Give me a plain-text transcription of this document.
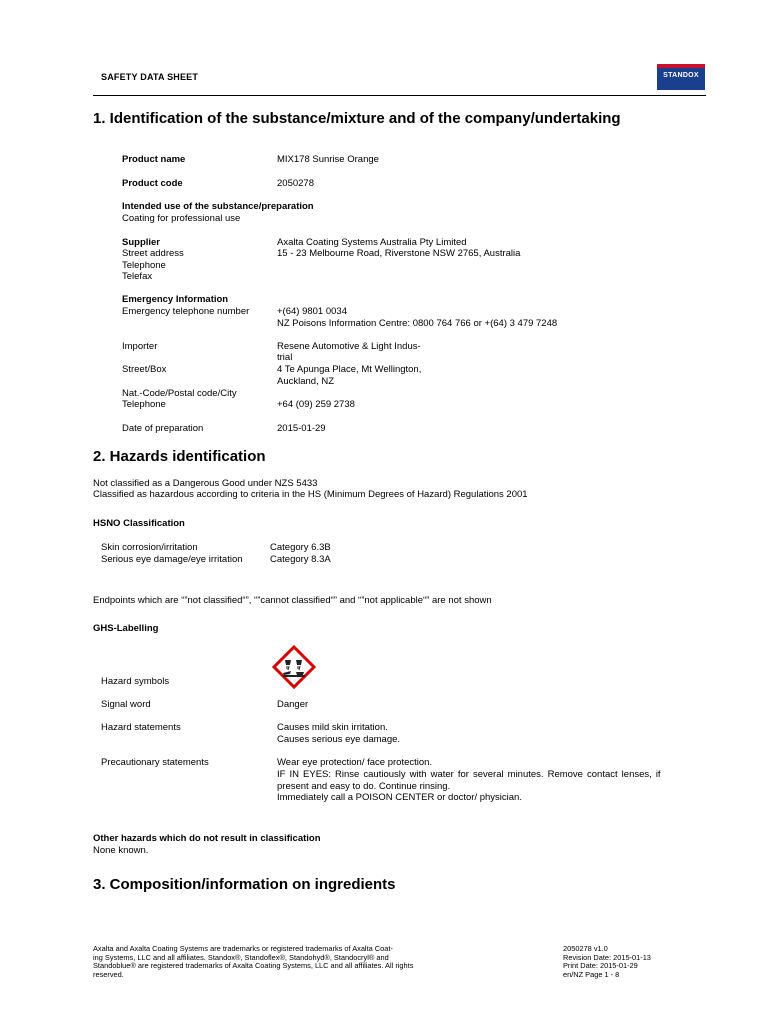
SAFETY DATA SHEET	STANDOX
1. Identification of the substance/mixture and of the company/undertaking
Product name	MIX178 Sunrise Orange
Product code	2050278
Intended use of the substance/preparation
Coating for professional use
Supplier	Axalta Coating Systems Australia Pty Limited
Street address	15 - 23 Melbourne Road, Riverstone NSW 2765, Australia
Telephone
Telefax
Emergency Information
Emergency telephone number	+(64) 9801 0034
NZ Poisons Information Centre: 0800 764 766 or +(64) 3 479 7248
Importer	Resene Automotive & Light Indus-
trial
Street/Box	4 Te Apunga Place, Mt Wellington,
Auckland, NZ
Nat.-Code/Postal code/City
Telephone	+64 (09) 259 2738
Date of preparation	2015-01-29
2. Hazards identification
Not classified as a Dangerous Good under NZS 5433
Classified as hazardous according to criteria in the HS (Minimum Degrees of Hazard) Regulations 2001
HSNO Classification
Skin corrosion/irritation	Category 6.3B
Serious eye damage/eye irritation	Category 8.3A
Endpoints which are “”not classified“”, “”cannot classified“” and “”not applicable“” are not shown
GHS-Labelling
Hazard symbols
Signal word	Danger
Hazard statements	Causes mild skin irritation.
Causes serious eye damage.
Precautionary statements	Wear eye protection/ face protection.
IF IN EYES: Rinse cautiously with water for several minutes. Remove contact lenses, if
present and easy to do. Continue rinsing.
Immediately call a POISON CENTER or doctor/ physician.
Other hazards which do not result in classification
None known.
3. Composition/information on ingredients
Axalta and Axalta Coating Systems are trademarks or registered trademarks of Axalta Coat-
ing Systems, LLC and all affiliates. Standox®, Standoflex®, Standohyd®, Standocryl® and
Standoblue® are registered trademarks of Axalta Coating Systems, LLC and all affiliates. All rights
reserved.
2050278 v1.0
Revision Date: 2015-01-13
Print Date: 2015-01-29
en/NZ Page 1 - 8
